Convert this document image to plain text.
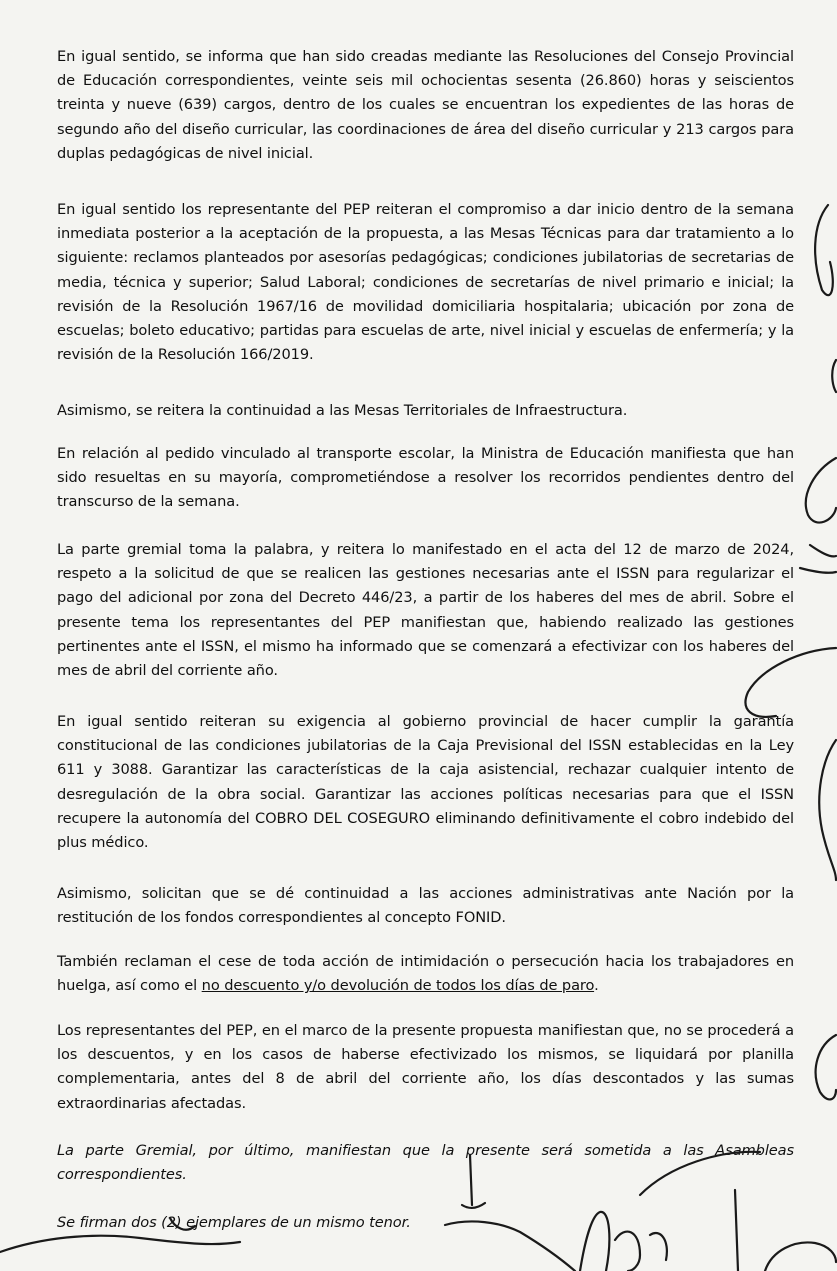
En igual sentido, se informa que han sido creadas mediante las Resoluciones del Consejo Provincial de Educación correspondientes, veinte seis mil ochocientas sesenta (26.860) horas y seiscientos treinta y nueve (639) cargos, dentro de los cuales se encuentran los expedientes de las horas de segundo año del diseño curricular, las coordinaciones de área del diseño curricular y 213 cargos para duplas pedagógicas de nivel inicial.

En igual sentido los representante del PEP reiteran el compromiso a dar inicio dentro de la semana inmediata posterior a la aceptación de la propuesta, a las Mesas Técnicas para dar tratamiento a lo siguiente: reclamos planteados por asesorías pedagógicas; condiciones jubilatorias de secretarias de media, técnica y superior; Salud Laboral; condiciones de secretarías de nivel primario e inicial; la revisión de la Resolución 1967/16 de movilidad domiciliaria hospitalaria; ubicación por zona de escuelas; boleto educativo; partidas para escuelas de arte, nivel inicial y escuelas de enfermería; y la revisión de la Resolución 166/2019.

Asimismo, se reitera la continuidad a las Mesas Territoriales de Infraestructura.

En relación al pedido vinculado al transporte escolar, la Ministra de Educación manifiesta que han sido resueltas en su mayoría, comprometiéndose a resolver los recorridos pendientes dentro del transcurso de la semana.

La parte gremial toma la palabra, y reitera lo manifestado en el acta del 12 de marzo de 2024, respeto a la solicitud de que se realicen las gestiones necesarias ante el ISSN para regularizar el pago del adicional por zona del Decreto 446/23, a partir de los haberes del mes de abril. Sobre el presente tema los representantes del PEP manifiestan que, habiendo realizado las gestiones pertinentes ante el ISSN, el mismo ha informado que se comenzará a efectivizar con los haberes del mes de abril del corriente año.

En igual sentido reiteran su exigencia al gobierno provincial de hacer cumplir la garantía constitucional de las condiciones jubilatorias de la Caja Previsional del ISSN establecidas en la Ley 611 y 3088. Garantizar las características de la caja asistencial, rechazar cualquier intento de desregulación de la obra social. Garantizar las acciones políticas necesarias para que el ISSN recupere la autonomía del COBRO DEL COSEGURO eliminando definitivamente el cobro indebido del plus médico.

Asimismo, solicitan que se dé continuidad a las acciones administrativas ante Nación por la restitución de los fondos correspondientes al concepto FONID.

También reclaman el cese de toda acción de intimidación o persecución hacia los trabajadores en huelga, así como el no descuento y/o devolución de todos los días de paro.

Los representantes del PEP, en el marco de la presente propuesta manifiestan que, no se procederá a los descuentos, y en los casos de haberse efectivizado los mismos, se liquidará por planilla complementaria, antes del 8 de abril del corriente año, los días descontados y las sumas extraordinarias afectadas.

La parte Gremial, por último, manifiestan que la presente será sometida a las Asambleas correspondientes.

Se firman dos (2) ejemplares de un mismo tenor.
